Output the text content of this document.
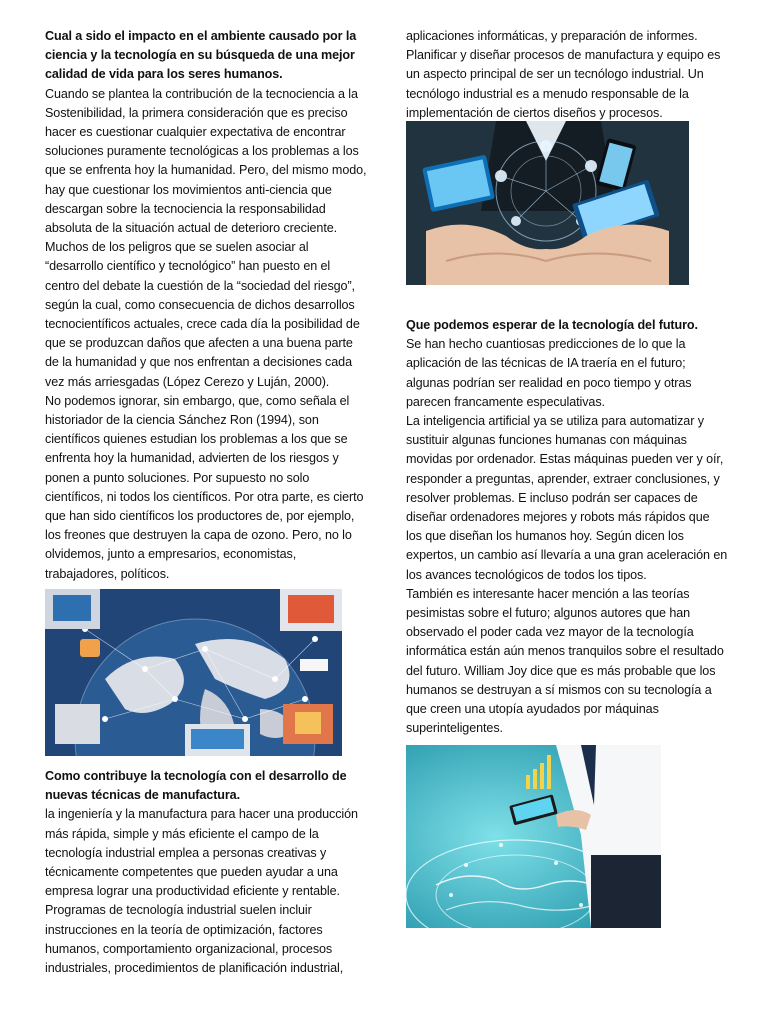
Cual a sido el impacto en el ambiente causado por la ciencia y la tecnología en su búsqueda de una mejor calidad de vida para los seres humanos.

Cuando se plantea la contribución de la tecnociencia a la Sostenibilidad, la primera consideración que es preciso hacer es cuestionar cualquier expectativa de encontrar soluciones puramente tecnológicas a los problemas a los que se enfrenta hoy la humanidad. Pero, del mismo modo, hay que cuestionar los movimientos anti-ciencia que descargan sobre la tecnociencia la responsabilidad absoluta de la situación actual de deterioro creciente. Muchos de los peligros que se suelen asociar al “desarrollo científico y tecnológico” han puesto en el centro del debate la cuestión de la “sociedad del riesgo”, según la cual, como consecuencia de dichos desarrollos tecnocientíficos actuales, crece cada día la posibilidad de que se produzcan daños que afecten a una buena parte de la humanidad y que nos enfrentan a decisiones cada vez más arriesgadas (López Cerezo y Luján, 2000).

No podemos ignorar, sin embargo, que, como señala el historiador de la ciencia Sánchez Ron (1994), son científicos quienes estudian los problemas a los que se enfrenta hoy la humanidad, advierten de los riesgos y ponen a punto soluciones. Por supuesto no solo científicos, ni todos los científicos. Por otra parte, es cierto que han sido científicos los productores de, por ejemplo, los freones que destruyen la capa de ozono. Pero, no lo olvidemos, junto a empresarios, economistas, trabajadores, políticos.

Como contribuye la tecnología con el desarrollo de nuevas técnicas de manufactura.

la ingeniería y la manufactura para hacer una producción más rápida, simple y más eficiente el campo de la tecnología industrial emplea a personas creativas y técnicamente competentes que pueden ayudar a una empresa lograr una productividad eficiente y rentable. Programas de tecnología industrial suelen incluir instrucciones en la teoría de optimización, factores humanos, comportamiento organizacional, procesos industriales, procedimientos de planificación industrial,

aplicaciones informáticas, y preparación de informes. Planificar y diseñar procesos de manufactura y equipo es un aspecto principal de ser un tecnólogo industrial. Un tecnólogo industrial es a menudo responsable de la implementación de ciertos diseños y procesos.

Que podemos esperar de la tecnología del futuro.

Se han hecho cuantiosas predicciones de lo que la aplicación de las técnicas de IA traería en el futuro; algunas podrían ser realidad en poco tiempo y otras parecen francamente especulativas.

La inteligencia artificial ya se utiliza para automatizar y sustituir algunas funciones humanas con máquinas movidas por ordenador. Estas máquinas pueden ver y oír, responder a preguntas, aprender, extraer conclusiones, y resolver problemas. E incluso podrán ser capaces de diseñar ordenadores mejores y robots más rápidos que los que diseñan los humanos hoy. Según dicen los expertos, un cambio así llevaría a una gran aceleración en los avances tecnológicos de todos los tipos.

También es interesante hacer mención a las teorías pesimistas sobre el futuro; algunos autores que han observado el poder cada vez mayor de la tecnología informática están aún menos tranquilos sobre el resultado del futuro. William Joy dice que es más probable que los humanos se destruyan a sí mismos con su tecnología a que creen una utopía ayudados por máquinas superinteligentes.
